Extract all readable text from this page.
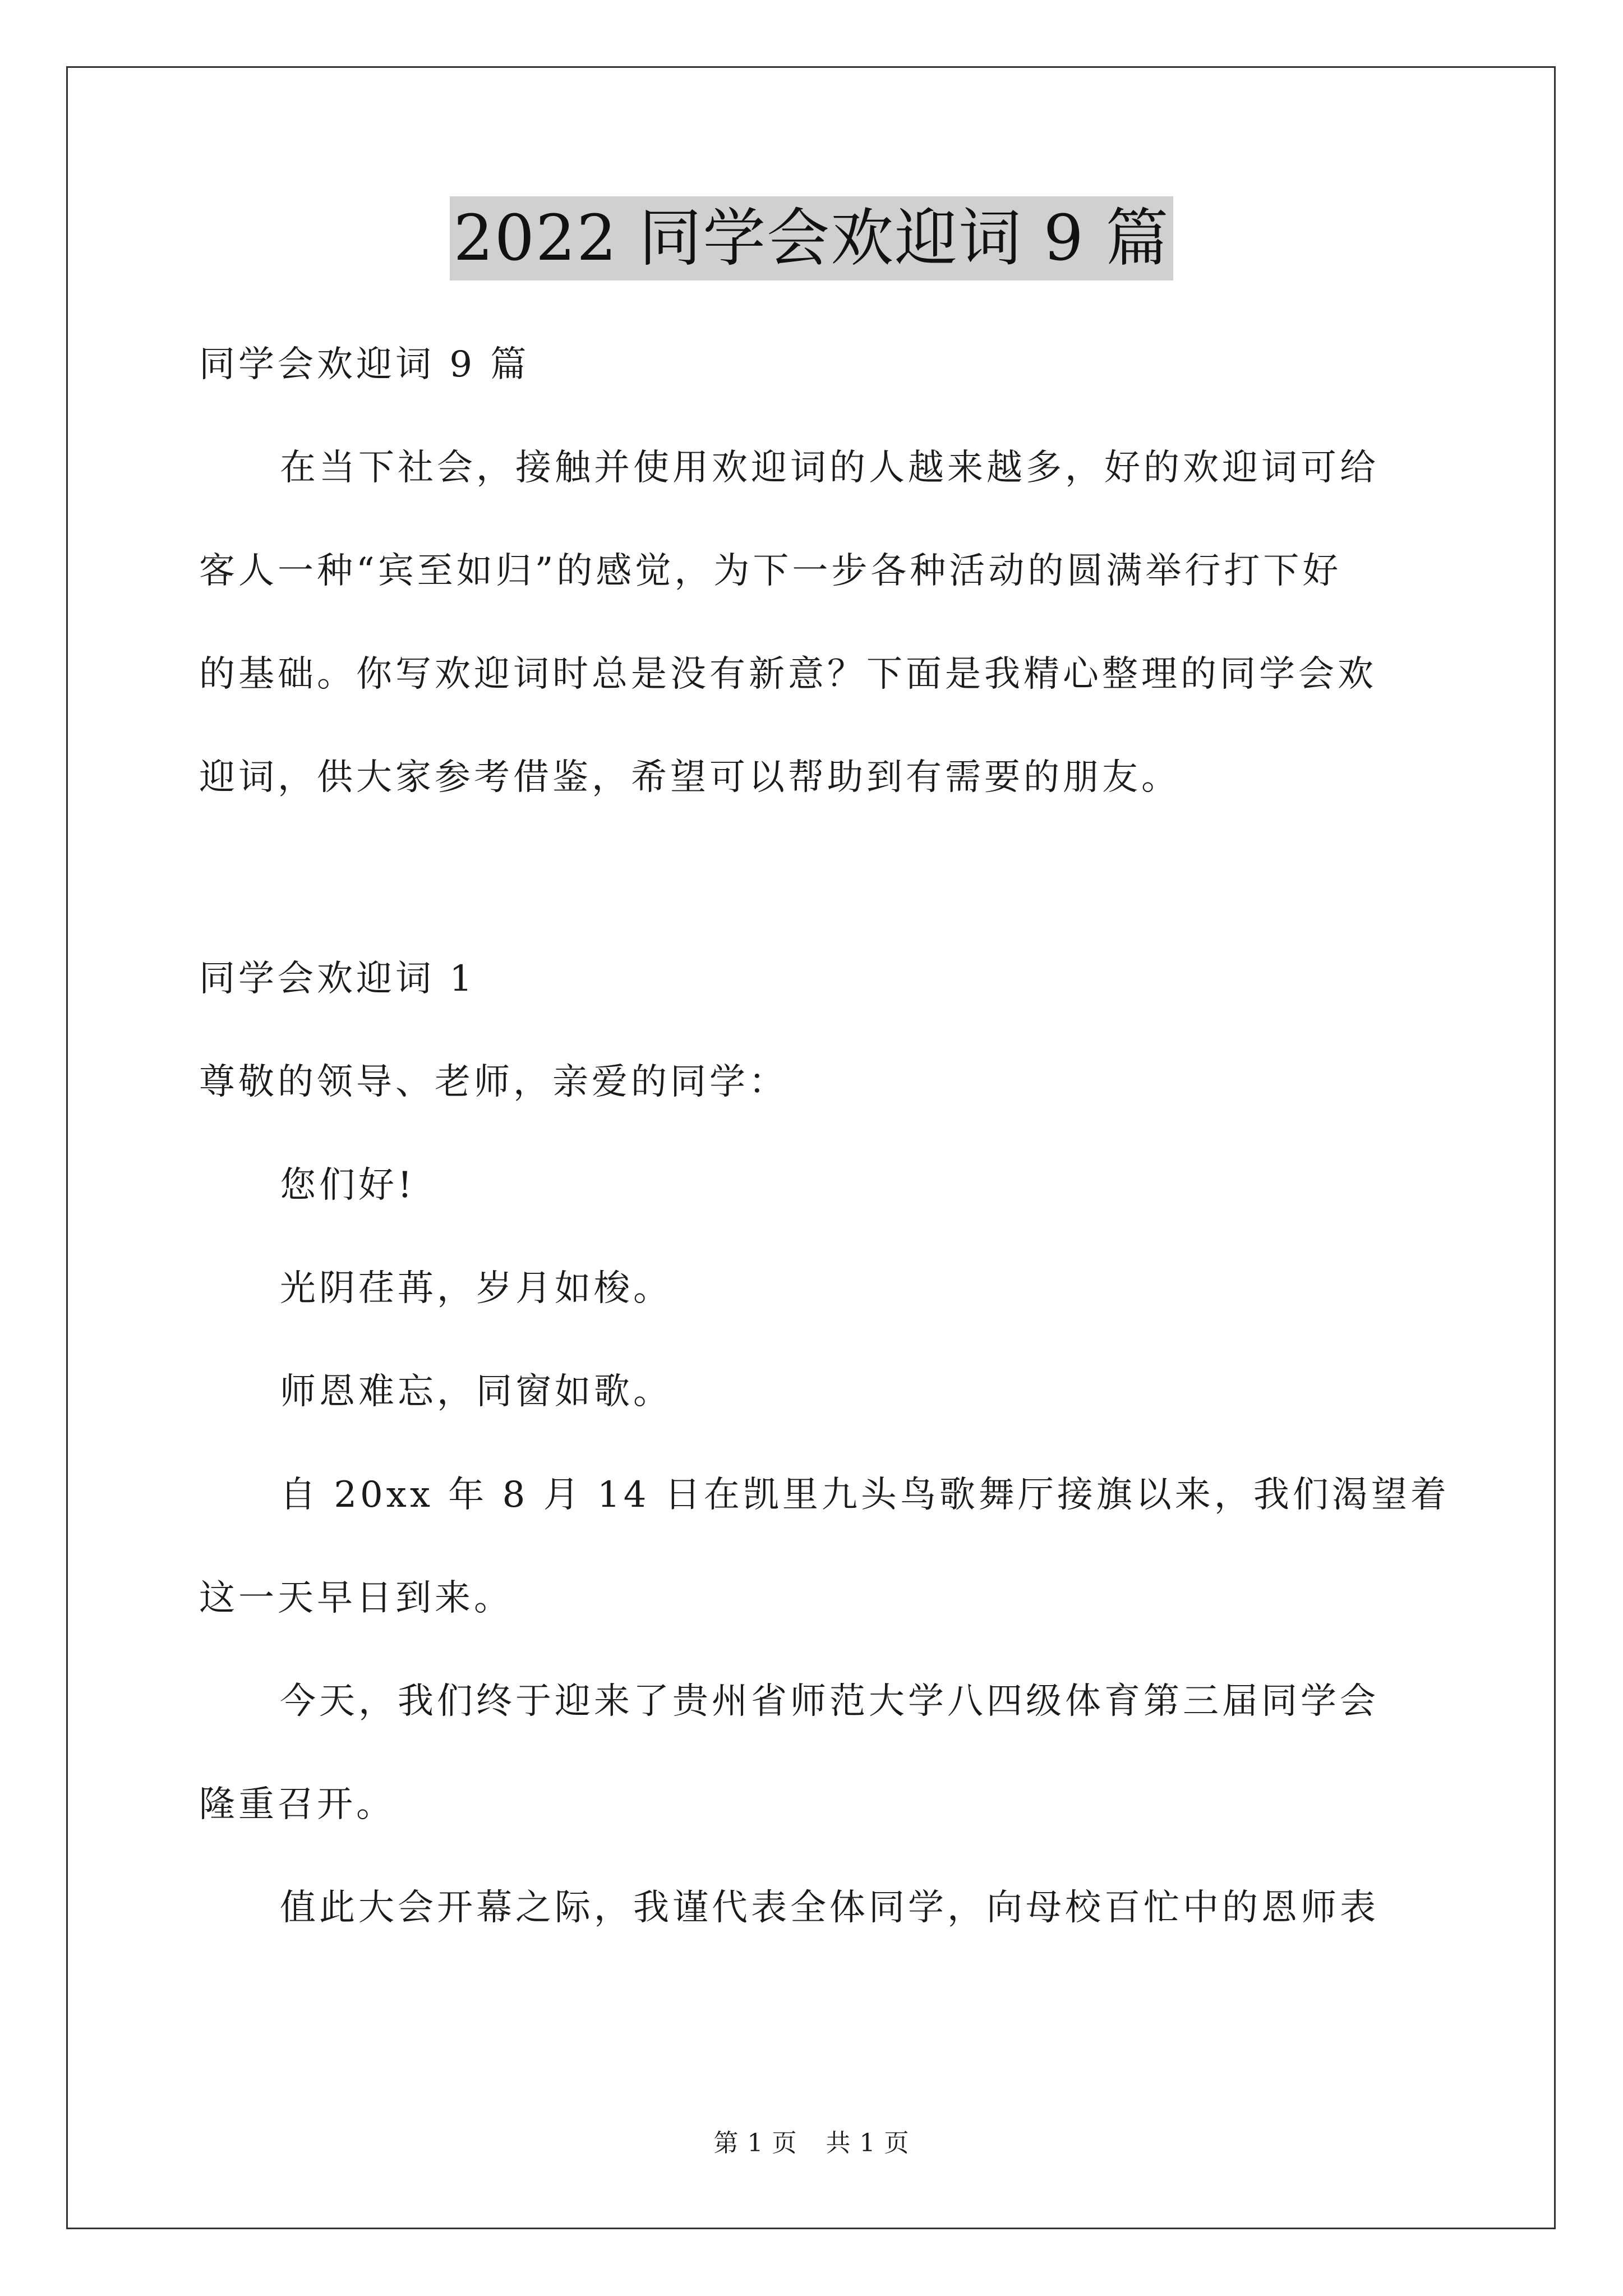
2022 同学会欢迎词 9 篇

同学会欢迎词 9 篇

在当下社会，接触并使用欢迎词的人越来越多，好的欢迎词可给

客人一种“宾至如归”的感觉，为下一步各种活动的圆满举行打下好

的基础。你写欢迎词时总是没有新意？下面是我精心整理的同学会欢

迎词，供大家参考借鉴，希望可以帮助到有需要的朋友。

同学会欢迎词 1

尊敬的领导、老师，亲爱的同学：

您们好!

光阴荏苒，岁月如梭。

师恩难忘，同窗如歌。

自 20xx 年 8 月 14 日在凯里九头鸟歌舞厅接旗以来，我们渴望着

这一天早日到来。

今天，我们终于迎来了贵州省师范大学八四级体育第三届同学会

隆重召开。

值此大会开幕之际，我谨代表全体同学，向母校百忙中的恩师表

第 1 页 共 1 页
